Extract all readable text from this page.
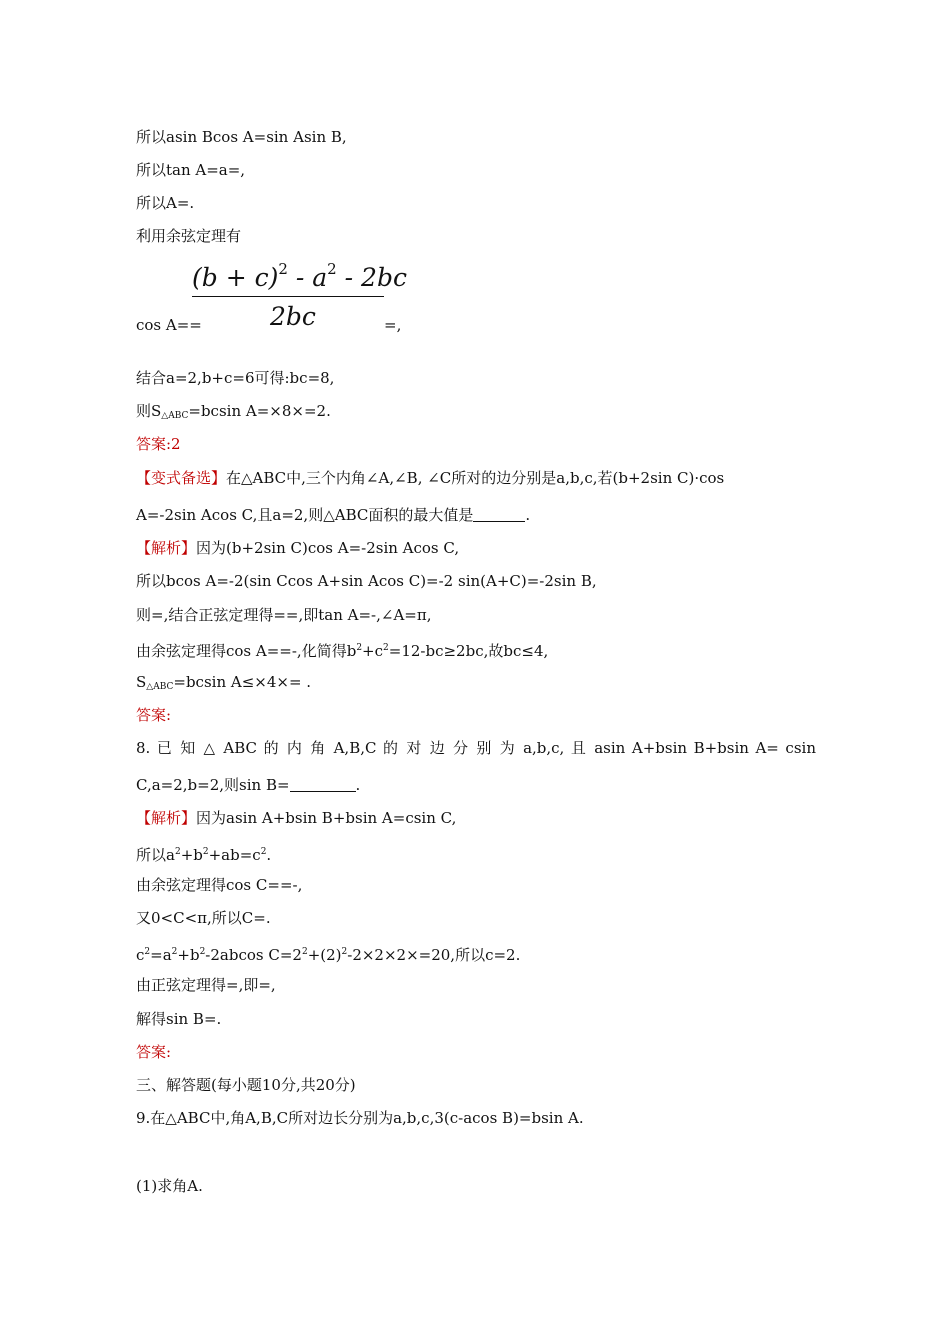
所以asin Bcos A=sin Asin B,
所以tan A=a=,
所以A=.
利用余弦定理有
$(b + c)^2 - a^2 - 2bc$
2bc
cos A==	=,
结合a=2,b+c=6可得:bc=8,
则$S_{\triangle ABC}=bcsin$ A=×8×=2.
答案:2
【变式备选】在△ABC中,三个内角∠A,∠B, ∠C所对的边分别是a,b,c,若(b+2sin C)·cos
A=-2sin Acos C,且a=2,则△ABC面积的最大值是	.
【解析】因为(b+2sin C)cos A=-2sin Acos C,
所以bcos A=-2(sin Ccos A+sin Acos C)=-2 sin(A+C)=-2sin B,
则=,结合正弦定理得==,即tan A=-,∠A=π,
由余弦定理得cos A==-,化简得$b^2+c^2=12-bc\ge 2bc$,故bc≤4,
$S_{\triangle ABC}=bcsin$ A≤×4×= .
答案:
8. 已 知 △ ABC 的 内 角 A,B,C 的 对 边 分 别 为 a,b,c, 且 asin A+bsin B+bsin A= csin
C,a=2,b=2,则sin B=	.
【解析】因为asin A+bsin B+bsin A=csin C,
所以$a^2+b^2+ab=c^2$.
由余弦定理得cos C==-,
又0<C<π,所以C=.
$c^2=a^2+b^2-2abcos$ $C=2^2+(2)^2-2\times 2\times 2\times=20$,所以c=2.
由正弦定理得=,即=,
解得sin B=.
答案:
三、解答题(每小题10分,共20分)
9.在△ABC中,角A,B,C所对边长分别为a,b,c,3(c-acos B)=bsin A.
(1)求角A.
